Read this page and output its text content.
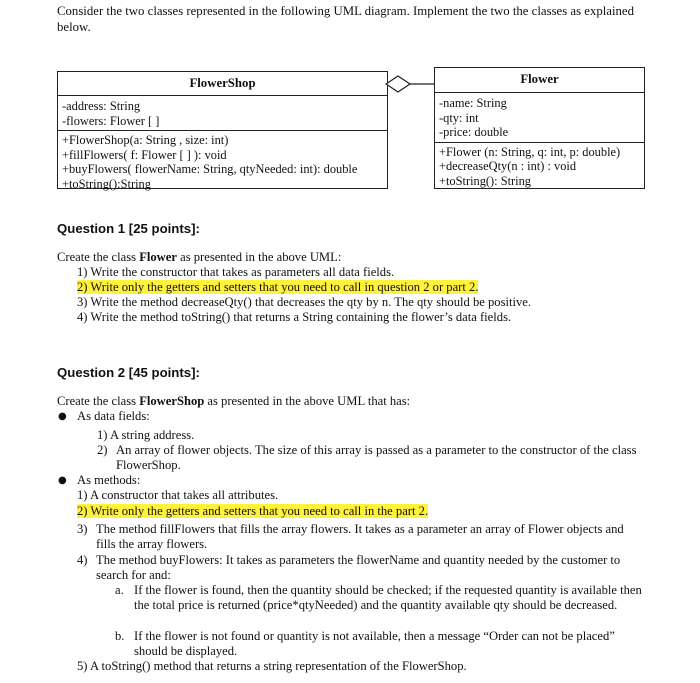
Consider the two classes represented in the following UML diagram. Implement the two the classes as explained below.
FlowerShop
-address: String
-flowers: Flower [ ]
+FlowerShop(a: String , size: int)
+fillFlowers( f: Flower [ ] ): void
+buyFlowers( flowerName: String, qtyNeeded: int): double
+toString():String
Flower
-name: String
-qty: int
-price: double
+Flower (n: String, q: int, p: double)
+decreaseQty(n : int) : void
+toString(): String
Question 1 [25 points]:
Create the class Flower as presented in the above UML:
1) Write the constructor that takes as parameters all data fields.
2) Write only the getters and setters that you need to call in question 2 or part 2.
3) Write the method decreaseQty() that decreases the qty by n. The qty should be positive.
4) Write the method toString() that returns a String containing the flower’s data fields.
Question 2 [45 points]:
Create the class FlowerShop as presented in the above UML that has:
● As data fields:
1) A string address.
2) An array of flower objects. The size of this array is passed as a parameter to the constructor of the class FlowerShop.
● As methods:
1) A constructor that takes all attributes.
2) Write only the getters and setters that you need to call in the part 2.
3) The method fillFlowers that fills the array flowers. It takes as a parameter an array of Flower objects and fills the array flowers.
4) The method buyFlowers: It takes as parameters the flowerName and quantity needed by the customer to search for and:
a. If the flower is found, then the quantity should be checked; if the requested quantity is available then the total price is returned (price*qtyNeeded) and the quantity available qty should be decreased.
b. If the flower is not found or quantity is not available, then a message “Order can not be placed” should be displayed.
5) A toString() method that returns a string representation of the FlowerShop.
